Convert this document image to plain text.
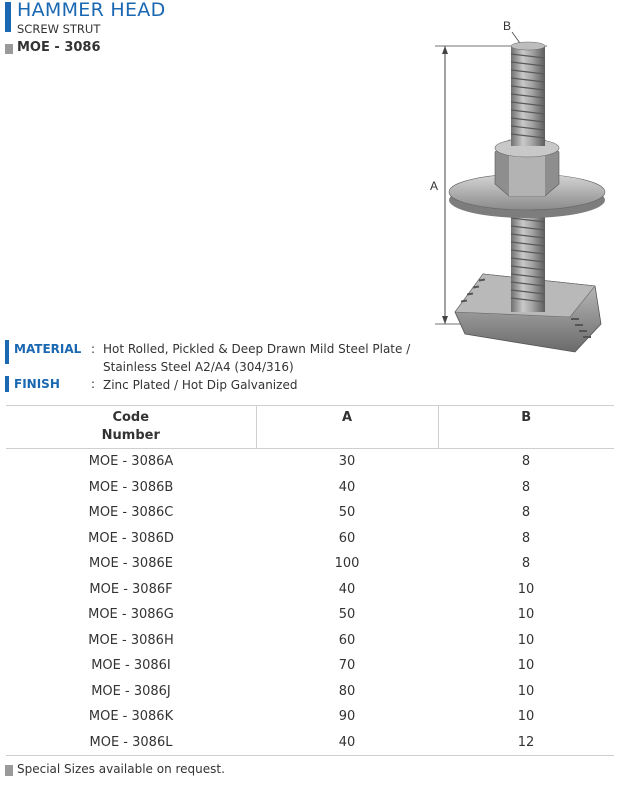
HAMMER HEAD
SCREW STRUT
MOE - 3086
A
B
MATERIAL : Hot Rolled, Pickled & Deep Drawn Mild Steel Plate /
Stainless Steel A2/A4 (304/316)
FINISH	: Zinc Plated / Hot Dip Galvanized
Code
Number	A	B
MOE - 3086A	30	8
MOE - 3086B	40	8
MOE - 3086C	50	8
MOE - 3086D	60	8
MOE - 3086E	100	8
MOE - 3086F	40	10
MOE - 3086G	50	10
MOE - 3086H	60	10
MOE - 3086I	70	10
MOE - 3086J	80	10
MOE - 3086K	90	10
MOE - 3086L	40	12
Special Sizes available on request.
